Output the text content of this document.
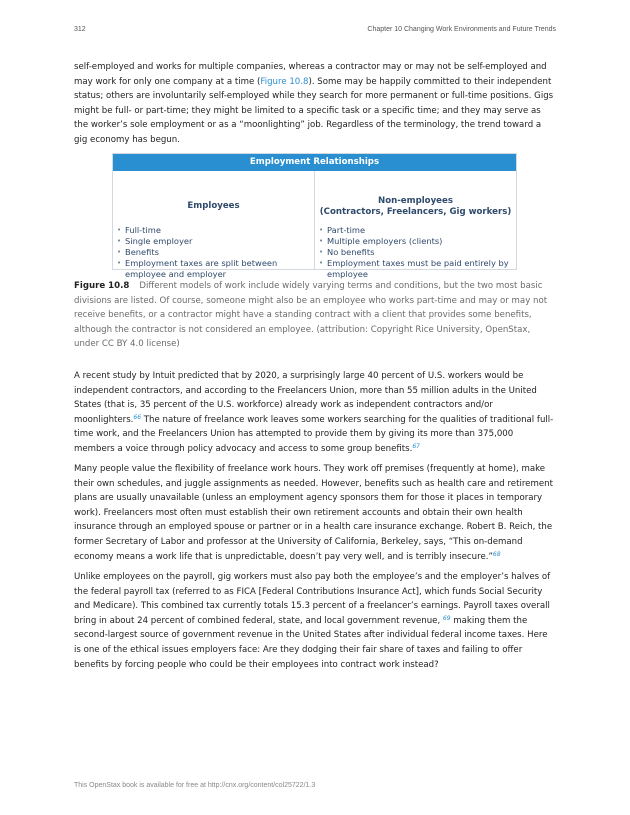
312	Chapter 10 Changing Work Environments and Future Trends

self-employed and works for multiple companies, whereas a contractor may or may not be self-employed and may work for only one company at a time (Figure 10.8). Some may be happily committed to their independent status; others are involuntarily self-employed while they search for more permanent or full-time positions. Gigs might be full- or part-time; they might be limited to a specific task or a specific time; and they may serve as the worker’s sole employment or as a “moonlighting” job. Regardless of the terminology, the trend toward a gig economy has begun.

Employment Relationships
Employees
• Full-time
• Single employer
• Benefits
• Employment taxes are split between employee and employer
Non-employees
(Contractors, Freelancers, Gig workers)
• Part-time
• Multiple employers (clients)
• No benefits
• Employment taxes must be paid entirely by employee

Figure 10.8 Different models of work include widely varying terms and conditions, but the two most basic divisions are listed. Of course, someone might also be an employee who works part-time and may or may not receive benefits, or a contractor might have a standing contract with a client that provides some benefits, although the contractor is not considered an employee. (attribution: Copyright Rice University, OpenStax, under CC BY 4.0 license)

A recent study by Intuit predicted that by 2020, a surprisingly large 40 percent of U.S. workers would be independent contractors, and according to the Freelancers Union, more than 55 million adults in the United States (that is, 35 percent of the U.S. workforce) already work as independent contractors and/or moonlighters.$^{66}$ The nature of freelance work leaves some workers searching for the qualities of traditional full-time work, and the Freelancers Union has attempted to provide them by giving its more than 375,000 members a voice through policy advocacy and access to some group benefits.$^{67}$

Many people value the flexibility of freelance work hours. They work off premises (frequently at home), make their own schedules, and juggle assignments as needed. However, benefits such as health care and retirement plans are usually unavailable (unless an employment agency sponsors them for those it places in temporary work). Freelancers most often must establish their own retirement accounts and obtain their own health insurance through an employed spouse or partner or in a health care insurance exchange. Robert B. Reich, the former Secretary of Labor and professor at the University of California, Berkeley, says, “This on-demand economy means a work life that is unpredictable, doesn’t pay very well, and is terribly insecure.”$^{68}$

Unlike employees on the payroll, gig workers must also pay both the employee’s and the employer’s halves of the federal payroll tax (referred to as FICA [Federal Contributions Insurance Act], which funds Social Security and Medicare). This combined tax currently totals 15.3 percent of a freelancer’s earnings. Payroll taxes overall bring in about 24 percent of combined federal, state, and local government revenue, $^{69}$ making them the second-largest source of government revenue in the United States after individual federal income taxes. Here is one of the ethical issues employers face: Are they dodging their fair share of taxes and failing to offer benefits by forcing people who could be their employees into contract work instead?

This OpenStax book is available for free at http://cnx.org/content/col25722/1.3
